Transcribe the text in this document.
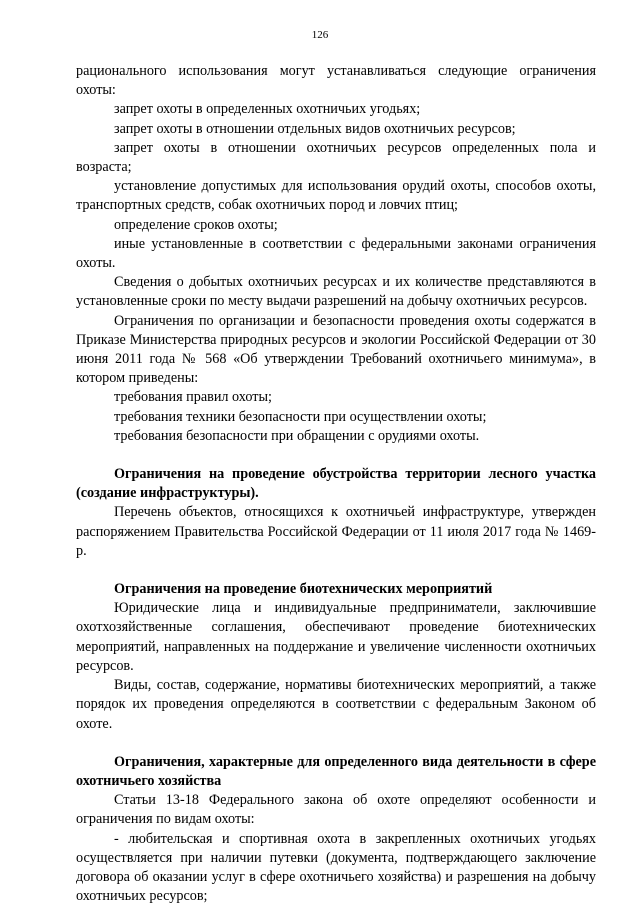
126

рационального использования могут устанавливаться следующие ограничения охоты:

запрет охоты в определенных охотничьих угодьях;

запрет охоты в отношении отдельных видов охотничьих ресурсов;

запрет охоты в отношении охотничьих ресурсов определенных пола и возраста;

установление допустимых для использования орудий охоты, способов охоты, транспортных средств, собак охотничьих пород и ловчих птиц;

определение сроков охоты;

иные установленные в соответствии с федеральными законами ограничения охоты.

Сведения о добытых охотничьих ресурсах и их количестве представляются в установленные сроки по месту выдачи разрешений на добычу охотничьих ресурсов.

Ограничения по организации и безопасности проведения охоты содержатся в Приказе Министерства природных ресурсов и экологии Российской Федерации от 30 июня 2011 года № 568 «Об утверждении Требований охотничьего минимума», в котором приведены:

требования правил охоты;

требования техники безопасности при осуществлении охоты;

требования безопасности при обращении с орудиями охоты.

Ограничения на проведение обустройства территории лесного участка (создание инфраструктуры).

Перечень объектов, относящихся к охотничьей инфраструктуре, утвержден распоряжением Правительства Российской Федерации от 11 июля 2017 года № 1469-р.

Ограничения на проведение биотехнических мероприятий

Юридические лица и индивидуальные предприниматели, заключившие охотхозяйственные соглашения, обеспечивают проведение биотехнических мероприятий, направленных на поддержание и увеличение численности охотничьих ресурсов.

Виды, состав, содержание, нормативы биотехнических мероприятий, а также порядок их проведения определяются в соответствии с федеральным Законом об охоте.

Ограничения, характерные для определенного вида деятельности в сфере охотничьего хозяйства

Статьи 13-18 Федерального закона об охоте определяют особенности и ограничения по видам охоты:

- любительская и спортивная охота в закрепленных охотничьих угодьях осуществляется при наличии путевки (документа, подтверждающего заключение договора об оказании услуг в сфере охотничьего хозяйства) и разрешения на добычу охотничьих ресурсов;
